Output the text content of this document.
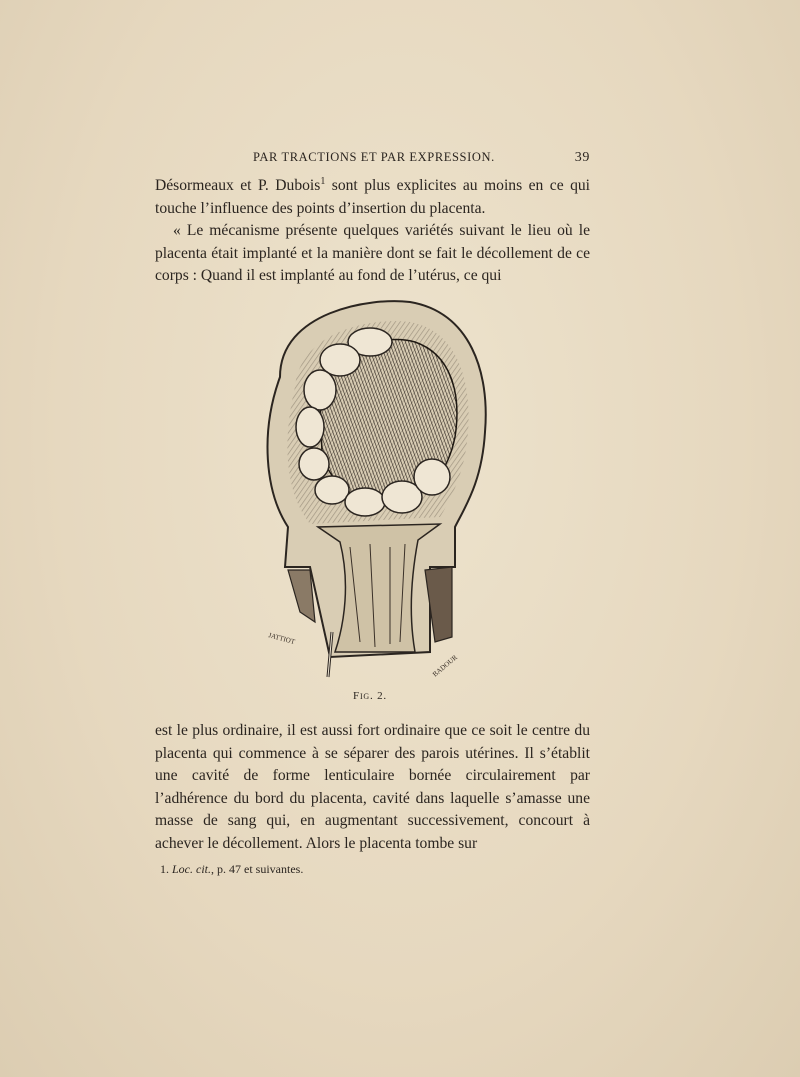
PAR TRACTIONS ET PAR EXPRESSION.	39

Désormeaux et P. Dubois$^1$ sont plus explicites au moins en ce qui touche l’influence des points d’insertion du placenta.

« Le mécanisme présente quelques variétés suivant le lieu où le placenta était implanté et la manière dont se fait le décollement de ce corps : Quand il est implanté au fond de l’utérus, ce qui

JATTIOT
BADOUR
Fig. 2.

est le plus ordinaire, il est aussi fort ordinaire que ce soit le centre du placenta qui commence à se séparer des parois utérines. Il s’établit une cavité de forme lenticulaire bornée circulairement par l’adhérence du bord du placenta, cavité dans laquelle s’amasse une masse de sang qui, en augmentant successivement, concourt à achever le décollement. Alors le placenta tombe sur

1. Loc. cit., p. 47 et suivantes.
